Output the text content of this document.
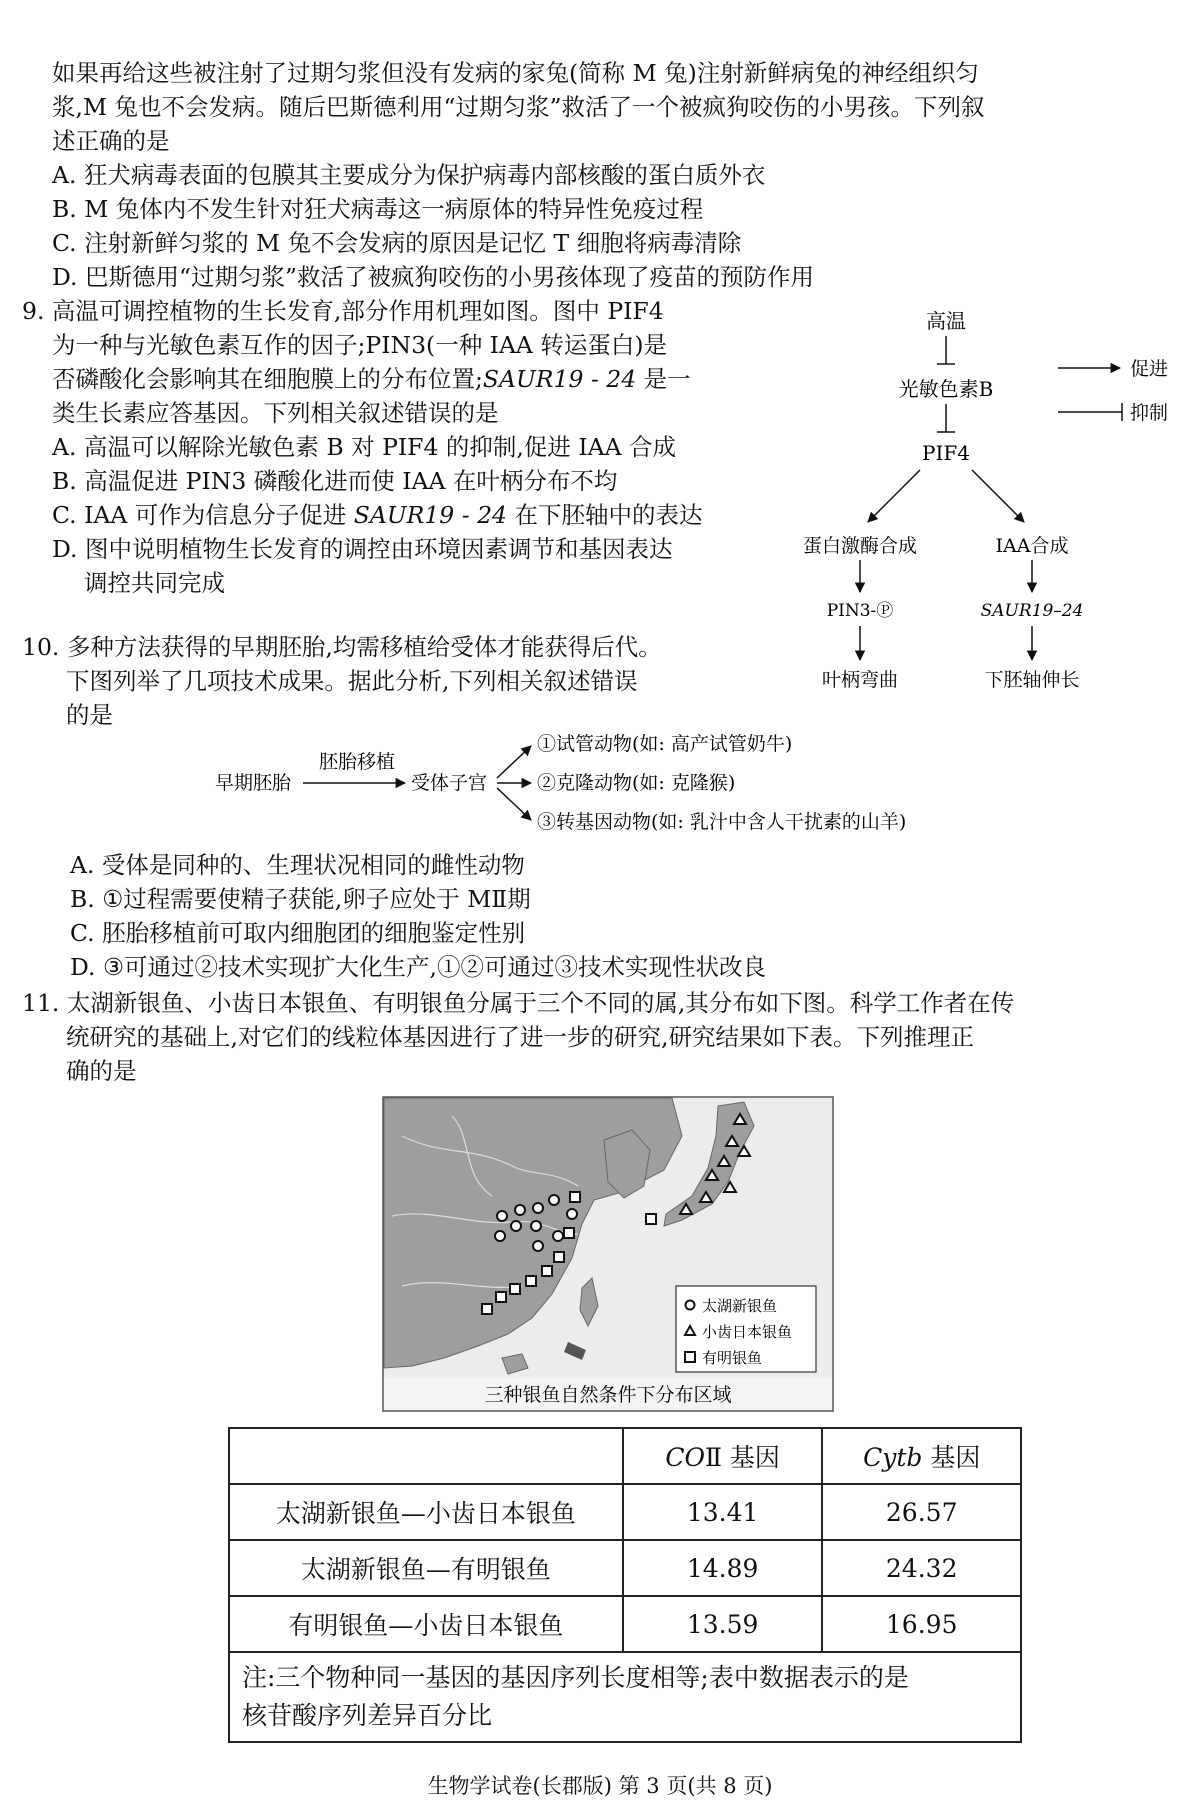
如果再给这些被注射了过期匀浆但没有发病的家兔(简称 M 兔)注射新鲜病兔的神经组织匀
浆,M 兔也不会发病。随后巴斯德利用“过期匀浆”救活了一个被疯狗咬伤的小男孩。下列叙
述正确的是
A. 狂犬病毒表面的包膜其主要成分为保护病毒内部核酸的蛋白质外衣
B. M 兔体内不发生针对狂犬病毒这一病原体的特异性免疫过程
C. 注射新鲜匀浆的 M 兔不会发病的原因是记忆 T 细胞将病毒清除
D. 巴斯德用“过期匀浆”救活了被疯狗咬伤的小男孩体现了疫苗的预防作用
9. 高温可调控植物的生长发育,部分作用机理如图。图中 PIF4
为一种与光敏色素互作的因子;PIN3(一种 IAA 转运蛋白)是
否磷酸化会影响其在细胞膜上的分布位置;SAUR19 - 24 是一
类生长素应答基因。下列相关叙述错误的是
A. 高温可以解除光敏色素 B 对 PIF4 的抑制,促进 IAA 合成
B. 高温促进 PIN3 磷酸化进而使 IAA 在叶柄分布不均
C. IAA 可作为信息分子促进 SAUR19 - 24 在下胚轴中的表达
D. 图中说明植物生长发育的调控由环境因素调节和基因表达
调控共同完成
高温
光敏色素B
PIF4
蛋白激酶合成	IAA合成
PIN3-Ⓟ	SAUR19–24
叶柄弯曲	下胚轴伸长
促进
抑制
10. 多种方法获得的早期胚胎,均需移植给受体才能获得后代。
下图列举了几项技术成果。据此分析,下列相关叙述错误
的是
早期胚胎
胚胎移植
受体子宫
①试管动物(如: 高产试管奶牛)
②克隆动物(如: 克隆猴)
③转基因动物(如: 乳汁中含人干扰素的山羊)
A. 受体是同种的、生理状况相同的雌性动物
B. ①过程需要使精子获能,卵子应处于 MⅡ期
C. 胚胎移植前可取内细胞团的细胞鉴定性别
D. ③可通过②技术实现扩大化生产,①②可通过③技术实现性状改良
11. 太湖新银鱼、小齿日本银鱼、有明银鱼分属于三个不同的属,其分布如下图。科学工作者在传
统研究的基础上,对它们的线粒体基因进行了进一步的研究,研究结果如下表。下列推理正
确的是
太湖新银鱼
小齿日本银鱼
有明银鱼
三种银鱼自然条件下分布区域
	COⅡ 基因	Cytb 基因
太湖新银鱼—小齿日本银鱼	13.41	26.57
太湖新银鱼—有明银鱼	14.89	24.32
有明银鱼—小齿日本银鱼	13.59	16.95

注:三个物种同一基因的基因序列长度相等;表中数据表示的是
核苷酸序列差异百分比		
生物学试卷(长郡版) 第 3 页(共 8 页)
